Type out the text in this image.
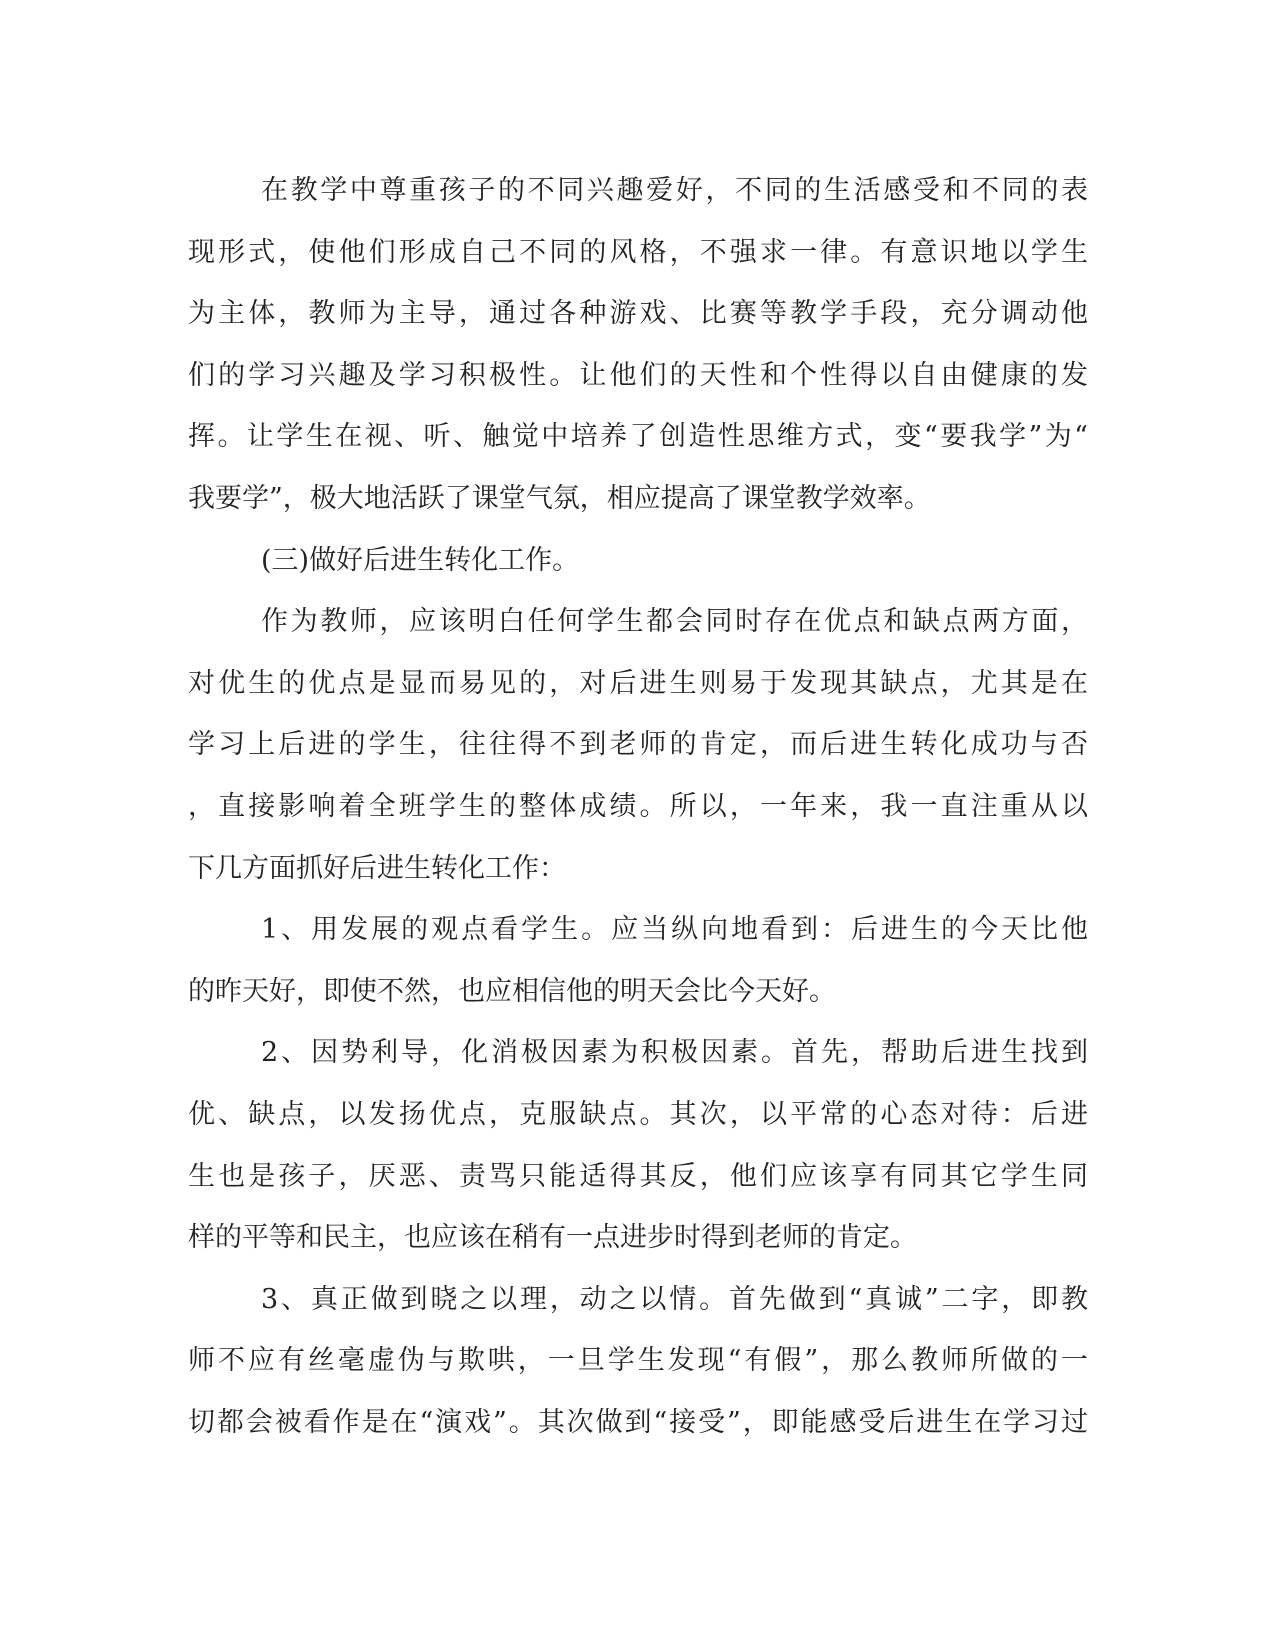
在教学中尊重孩子的不同兴趣爱好，不同的生活感受和不同的表
现形式，使他们形成自己不同的风格，不强求一律。有意识地以学生
为主体，教师为主导，通过各种游戏、比赛等教学手段，充分调动他
们的学习兴趣及学习积极性。让他们的天性和个性得以自由健康的发
挥。让学生在视、听、触觉中培养了创造性思维方式，变“要我学”为“
我要学”，极大地活跃了课堂气氛，相应提高了课堂教学效率。
(三)做好后进生转化工作。
作为教师，应该明白任何学生都会同时存在优点和缺点两方面，
对优生的优点是显而易见的，对后进生则易于发现其缺点，尤其是在
学习上后进的学生，往往得不到老师的肯定，而后进生转化成功与否
，直接影响着全班学生的整体成绩。所以，一年来，我一直注重从以
下几方面抓好后进生转化工作：
1、用发展的观点看学生。应当纵向地看到：后进生的今天比他
的昨天好，即使不然，也应相信他的明天会比今天好。
2、因势利导，化消极因素为积极因素。首先，帮助后进生找到
优、缺点，以发扬优点，克服缺点。其次，以平常的心态对待：后进
生也是孩子，厌恶、责骂只能适得其反，他们应该享有同其它学生同
样的平等和民主，也应该在稍有一点进步时得到老师的肯定。
3、真正做到晓之以理，动之以情。首先做到“真诚”二字，即教
师不应有丝毫虚伪与欺哄，一旦学生发现“有假”，那么教师所做的一
切都会被看作是在“演戏”。其次做到“接受”，即能感受后进生在学习过
